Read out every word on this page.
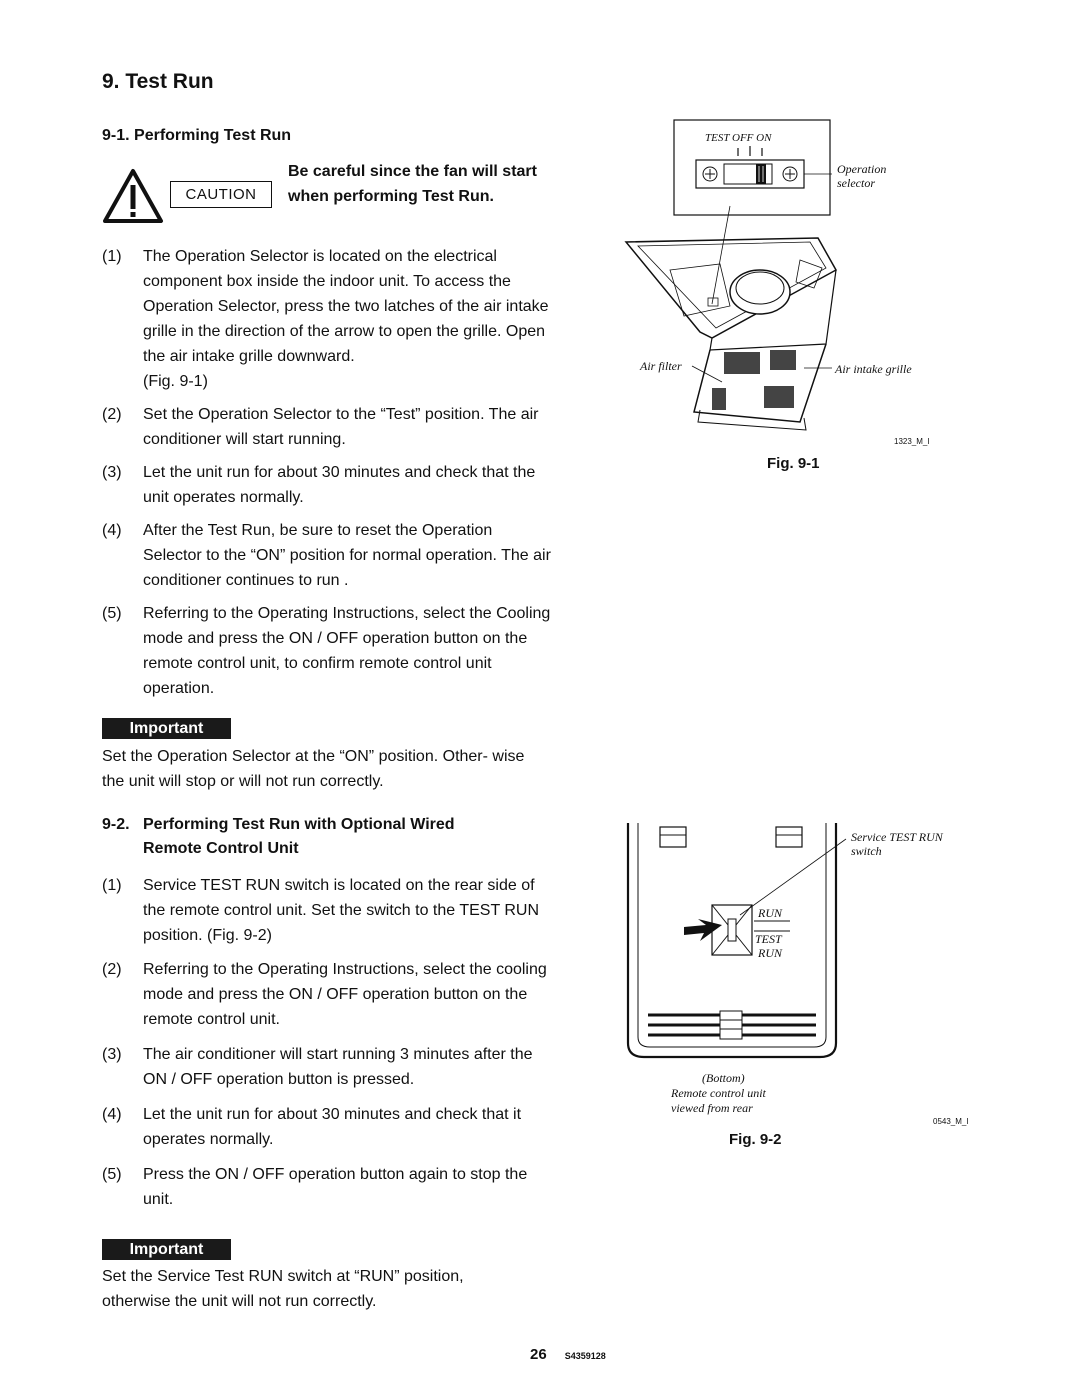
9. Test Run
9-1. Performing Test Run
CAUTION
Be careful since the fan will start when performing Test Run.
(1) The Operation Selector is located on the electrical component box inside the indoor unit. To access the Operation Selector, press the two latches of the air intake grille in the direction of the arrow to open the grille. Open the air intake grille downward.
(Fig. 9-1)
(2) Set the Operation Selector to the “Test” position. The air conditioner will start running.
(3) Let the unit run for about 30 minutes and check that the unit operates normally.
(4) After the Test Run, be sure to reset the Operation Selector to the “ON” position for normal operation. The air conditioner continues to run .
(5) Referring to the Operating Instructions, select the Cooling mode and press the ON / OFF operation button on the remote control unit, to confirm remote control unit operation.
Important
Set the Operation Selector at the “ON” position. Other- wise the unit will stop or will not run correctly.
9-2. Performing Test Run with Optional Wired Remote Control Unit
(1) Service TEST RUN switch is located on the rear side of the remote control unit. Set the switch to the TEST RUN position. (Fig. 9-2)
(2) Referring to the Operating Instructions, select the cooling mode and press the ON / OFF operation button on the remote control unit.
(3) The air conditioner will start running 3 minutes after the ON / OFF operation button is pressed.
(4) Let the unit run for about 30 minutes and check that it operates normally.
(5) Press the ON / OFF operation button again to stop the unit.
Important
Set the Service Test RUN switch at “RUN” position, otherwise the unit will not run correctly.
TEST OFF ON
Operation
selector
Air filter	Air intake grille
1323_M_I
Fig. 9-1
Service TEST RUN
switch
RUN
TEST
RUN
(Bottom)
Remote control unit
viewed from rear
0543_M_I
Fig. 9-2
26 S4359128
